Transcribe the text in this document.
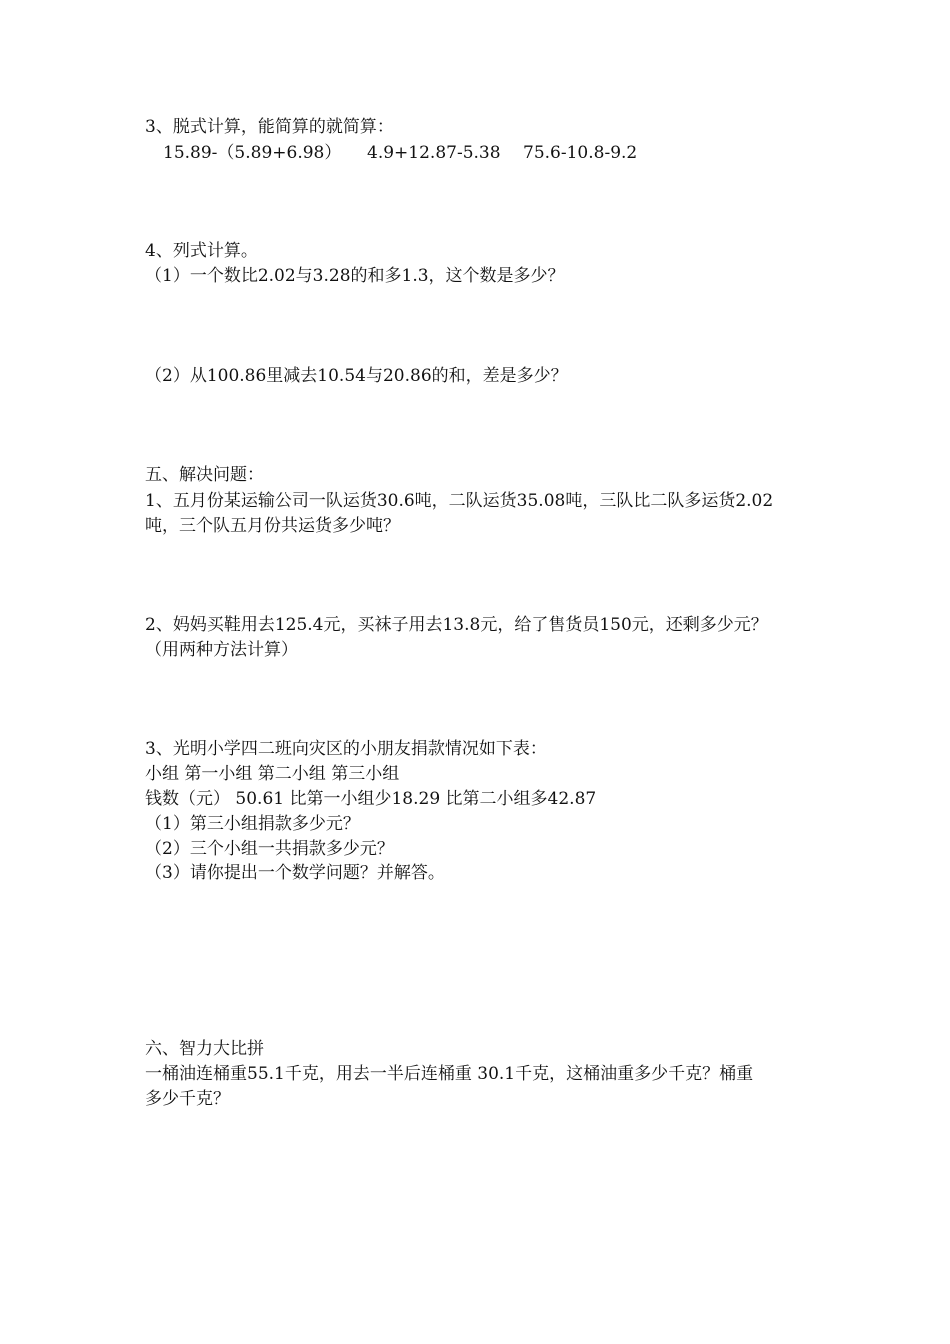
3、脱式计算，能简算的就简算：
15.89-（5.89+6.98） 4.9+12.87-5.38 75.6-10.8-9.2
4、列式计算。
（1）一个数比2.02与3.28的和多1.3，这个数是多少？
（2）从100.86里减去10.54与20.86的和，差是多少？
五、解决问题：
1、五月份某运输公司一队运货30.6吨，二队运货35.08吨，三队比二队多运货2.02
吨，三个队五月份共运货多少吨？
2、妈妈买鞋用去125.4元，买袜子用去13.8元，给了售货员150元，还剩多少元？
（用两种方法计算）
3、光明小学四二班向灾区的小朋友捐款情况如下表：
小组 第一小组 第二小组 第三小组
钱数（元） 50.61 比第一小组少18.29 比第二小组多42.87
（1）第三小组捐款多少元？
（2）三个小组一共捐款多少元？
（3）请你提出一个数学问题？并解答。
六、智力大比拼
一桶油连桶重55.1千克，用去一半后连桶重 30.1千克，这桶油重多少千克？桶重
多少千克？
